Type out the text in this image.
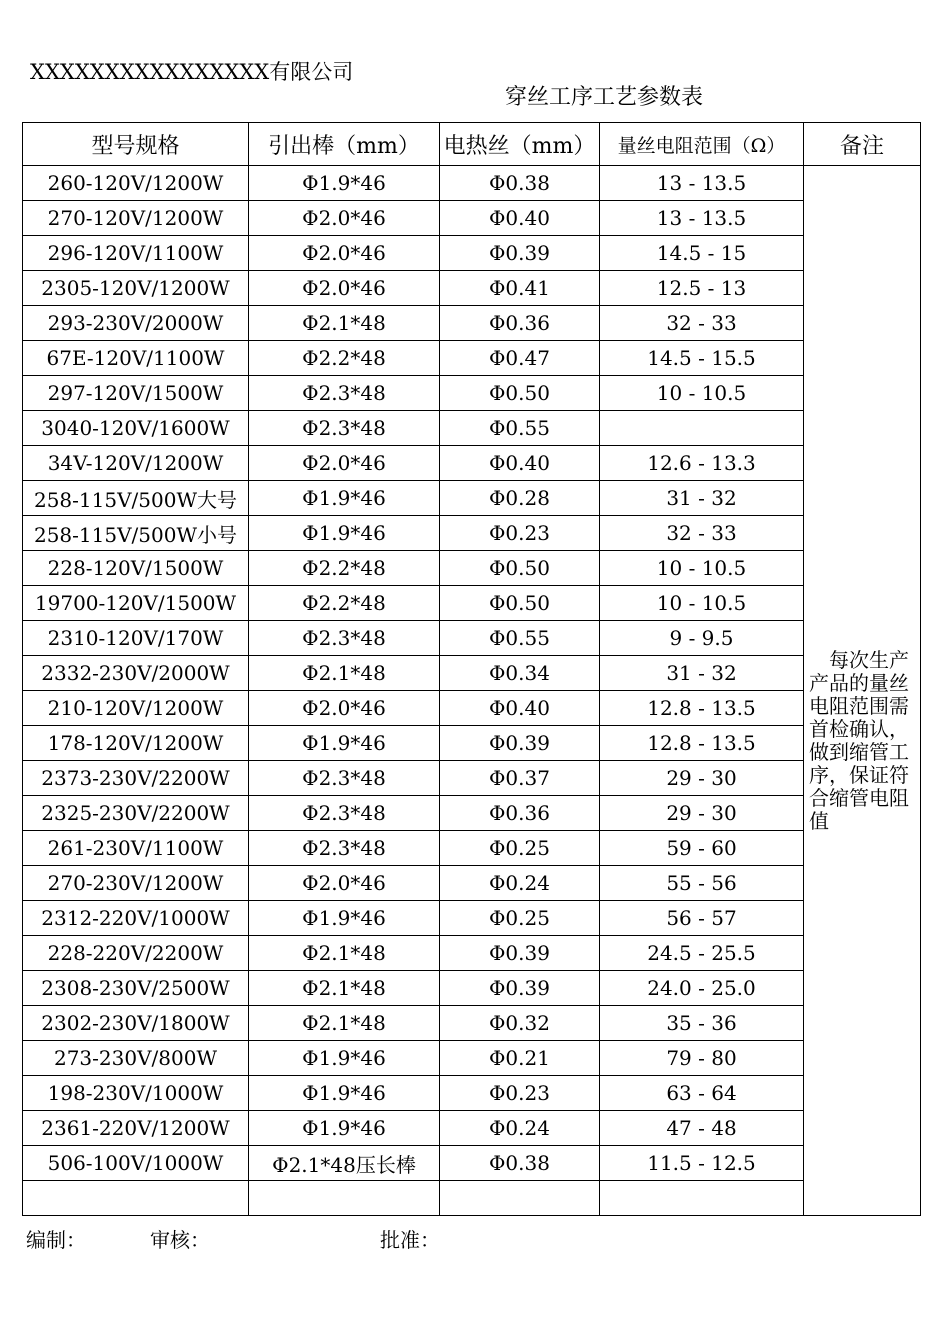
XXXXXXXXXXXXXXXX有限公司
穿丝工序工艺参数表
型号规格	引出棒（mm）	电热丝（mm）	量丝电阻范围（Ω）	备注
260-120V/1200W	Φ1.9*46	Φ0.38	13 - 13.5	　每次生产产品的量丝电阻范围需首检确认，做到缩管工序，保证符合缩管电阻值

270-120V/1200W	Φ2.0*46	Φ0.40	13 - 13.5	
296-120V/1100W	Φ2.0*46	Φ0.39	14.5 - 15	
2305-120V/1200W	Φ2.0*46	Φ0.41	12.5 - 13	
293-230V/2000W	Φ2.1*48	Φ0.36	32 - 33	
67E-120V/1100W	Φ2.2*48	Φ0.47	14.5 - 15.5	
297-120V/1500W	Φ2.3*48	Φ0.50	10 - 10.5	
3040-120V/1600W	Φ2.3*48	Φ0.55		
34V-120V/1200W	Φ2.0*46	Φ0.40	12.6 - 13.3	
258-115V/500W大号	Φ1.9*46	Φ0.28	31 - 32	
258-115V/500W小号	Φ1.9*46	Φ0.23	32 - 33	
228-120V/1500W	Φ2.2*48	Φ0.50	10 - 10.5	
19700-120V/1500W	Φ2.2*48	Φ0.50	10 - 10.5	
2310-120V/170W	Φ2.3*48	Φ0.55	9 - 9.5	
2332-230V/2000W	Φ2.1*48	Φ0.34	31 - 32	
210-120V/1200W	Φ2.0*46	Φ0.40	12.8 - 13.5	
178-120V/1200W	Φ1.9*46	Φ0.39	12.8 - 13.5	
2373-230V/2200W	Φ2.3*48	Φ0.37	29 - 30	
2325-230V/2200W	Φ2.3*48	Φ0.36	29 - 30	
261-230V/1100W	Φ2.3*48	Φ0.25	59 - 60	
270-230V/1200W	Φ2.0*46	Φ0.24	55 - 56	
2312-220V/1000W	Φ1.9*46	Φ0.25	56 - 57	
228-220V/2200W	Φ2.1*48	Φ0.39	24.5 - 25.5	
2308-230V/2500W	Φ2.1*48	Φ0.39	24.0 - 25.0	
2302-230V/1800W	Φ2.1*48	Φ0.32	35 - 36	
273-230V/800W	Φ1.9*46	Φ0.21	79 - 80	
198-230V/1000W	Φ1.9*46	Φ0.23	63 - 64	
2361-220V/1200W	Φ1.9*46	Φ0.24	47 - 48	
506-100V/1000W	Φ2.1*48压长棒	Φ0.38	11.5 - 12.5	

编制：	审核：	批准：
